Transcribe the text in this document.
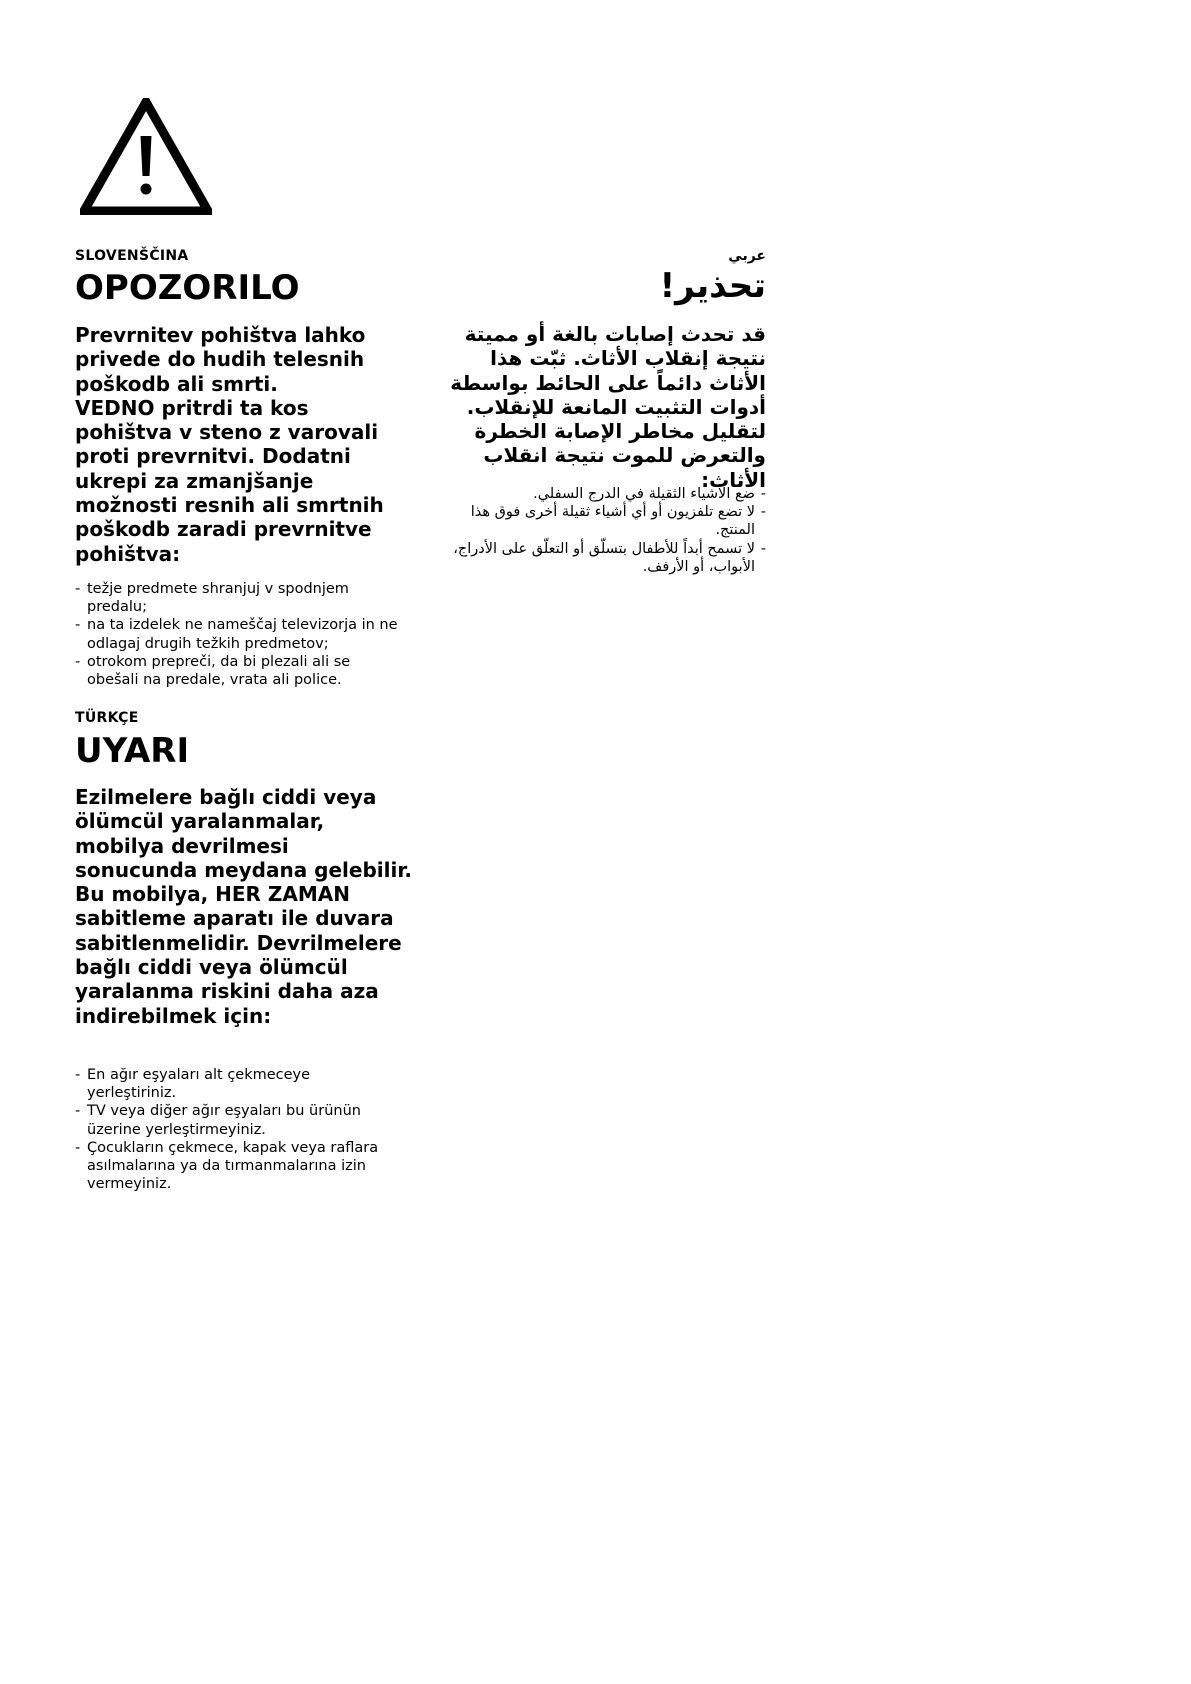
SLOVENŠČINA

OPOZORILO

Prevrnitev pohištva lahko privede do hudih telesnih poškodb ali smrti.
VEDNO pritrdi ta kos pohištva v steno z varovali proti prevrnitvi. Dodatni ukrepi za zmanjšanje možnosti resnih ali smrtnih poškodb zaradi prevrnitve pohištva:

- težje predmete shranjuj v spodnjem predalu;
- na ta izdelek ne nameščaj televizorja in ne odlagaj drugih težkih predmetov;
- otrokom prepreči, da bi plezali ali se obešali na predale, vrata ali police.

TÜRKÇE

UYARI

Ezilmelere bağlı ciddi veya ölümcül yaralanmalar, mobilya devrilmesi sonucunda meydana gelebilir.
Bu mobilya, HER ZAMAN sabitleme aparatı ile duvara sabitlenmelidir. Devrilmelere bağlı ciddi veya ölümcül yaralanma riskini daha aza indirebilmek için:

- En ağır eşyaları alt çekmeceye yerleştiriniz.
- TV veya diğer ağır eşyaları bu ürünün üzerine yerleştirmeyiniz.
- Çocukların çekmece, kapak veya raflara asılmalarına ya da tırmanmalarına izin vermeyiniz.

عربي

تحذير!

قد تحدث إصابات بالغة أو مميتة نتيجة إنقلاب الأثاث. ثبّت هذا الأثاث دائماً على الحائط بواسطة أدوات التثبيت المانعة للإنقلاب. لتقليل مخاطر الإصابة الخطرة والتعرض للموت نتيجة انقلاب الأثاث:

- ضع الأشياء الثقيلة في الدرج السفلي.
- لا تضع تلفزيون أو أي أشياء ثقيلة أخرى فوق هذا المنتج.
- لا تسمح أبداً للأطفال بتسلّق أو التعلّق على الأدراج، الأبواب، أو الأرفف.
